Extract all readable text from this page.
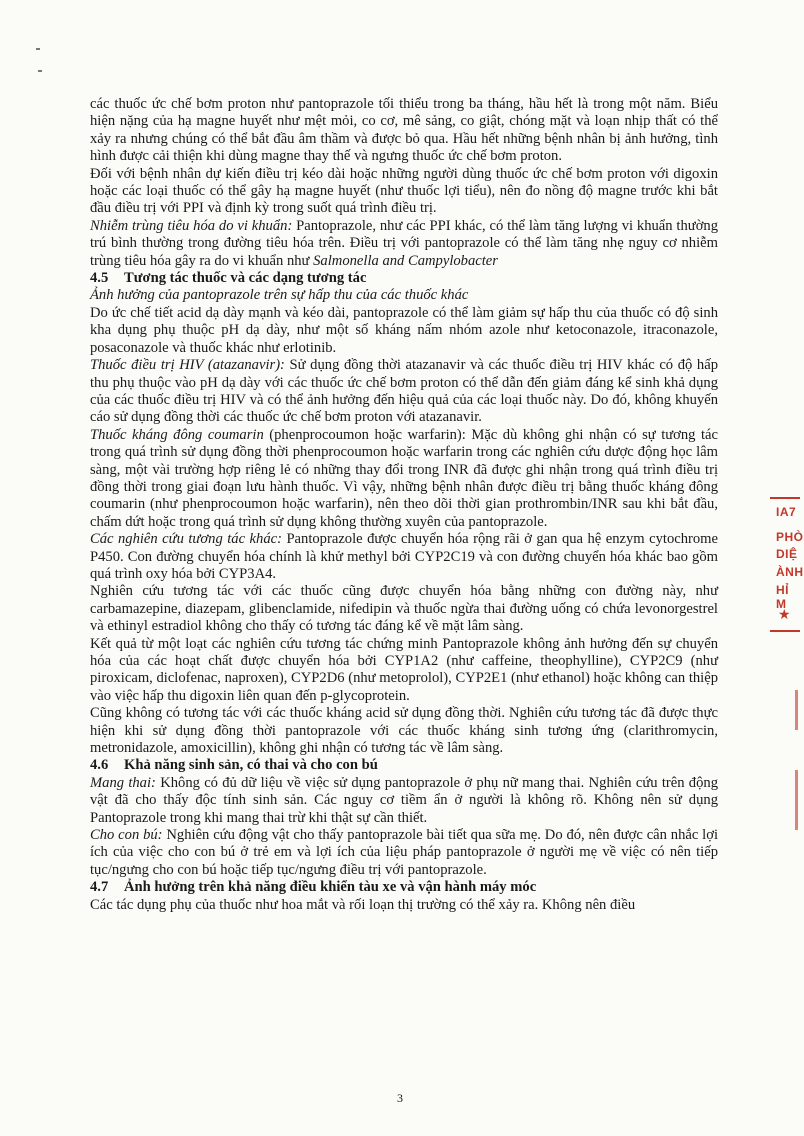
các thuốc ức chế bơm proton như pantoprazole tối thiểu trong ba tháng, hầu hết là trong một năm. Biểu hiện nặng của hạ magne huyết như mệt mỏi, co cơ, mê sảng, co giật, chóng mặt và loạn nhịp thất có thể xảy ra nhưng chúng có thể bắt đầu âm thầm và được bỏ qua. Hầu hết những bệnh nhân bị ảnh hưởng, tình hình được cải thiện khi dùng magne thay thế và ngưng thuốc ức chế bơm proton.

Đối với bệnh nhân dự kiến điều trị kéo dài hoặc những người dùng thuốc ức chế bơm proton với digoxin hoặc các loại thuốc có thể gây hạ magne huyết (như thuốc lợi tiểu), nên đo nồng độ magne trước khi bắt đầu điều trị với PPI và định kỳ trong suốt quá trình điều trị.

Nhiễm trùng tiêu hóa do vi khuẩn: Pantoprazole, như các PPI khác, có thể làm tăng lượng vi khuẩn thường trú bình thường trong đường tiêu hóa trên. Điều trị với pantoprazole có thể làm tăng nhẹ nguy cơ nhiễm trùng tiêu hóa gây ra do vi khuẩn như Salmonella and Campylobacter

4.5 Tương tác thuốc và các dạng tương tác

Ảnh hưởng của pantoprazole trên sự hấp thu của các thuốc khác

Do ức chế tiết acid dạ dày mạnh và kéo dài, pantoprazole có thể làm giảm sự hấp thu của thuốc có độ sinh kha dụng phụ thuộc pH dạ dày, như một số kháng nấm nhóm azole như ketoconazole, itraconazole, posaconazole và thuốc khác như erlotinib.

Thuốc điều trị HIV (atazanavir): Sử dụng đồng thời atazanavir và các thuốc điều trị HIV khác có độ hấp thu phụ thuộc vào pH dạ dày với các thuốc ức chế bơm proton có thể dẫn đến giảm đáng kể sinh khả dụng của các thuốc điều trị HIV và có thể ảnh hưởng đến hiệu quả của các loại thuốc này. Do đó, không khuyến cáo sử dụng đồng thời các thuốc ức chế bơm proton với atazanavir.

Thuốc kháng đông coumarin (phenprocoumon hoặc warfarin): Mặc dù không ghi nhận có sự tương tác trong quá trình sử dụng đồng thời phenprocoumon hoặc warfarin trong các nghiên cứu dược động học lâm sàng, một vài trường hợp riêng lẻ có những thay đổi trong INR đã được ghi nhận trong quá trình điều trị đồng thời trong giai đoạn lưu hành thuốc. Vì vậy, những bệnh nhân được điều trị bằng thuốc kháng đông coumarin (như phenprocoumon hoặc warfarin), nên theo dõi thời gian prothrombin/INR sau khi bắt đầu, chấm dứt hoặc trong quá trình sử dụng không thường xuyên của pantoprazole.

Các nghiên cứu tương tác khác: Pantoprazole được chuyển hóa rộng rãi ở gan qua hệ enzym cytochrome P450. Con đường chuyển hóa chính là khử methyl bởi CYP2C19 và con đường chuyển hóa khác bao gồm quá trình oxy hóa bởi CYP3A4.

Nghiên cứu tương tác với các thuốc cũng được chuyển hóa bằng những con đường này, như carbamazepine, diazepam, glibenclamide, nifedipin và thuốc ngừa thai đường uống có chứa levonorgestrel và ethinyl estradiol không cho thấy có tương tác đáng kể về mặt lâm sàng.

Kết quả từ một loạt các nghiên cứu tương tác chứng minh Pantoprazole không ảnh hưởng đến sự chuyển hóa của các hoạt chất được chuyển hóa bởi CYP1A2 (như caffeine, theophylline), CYP2C9 (như piroxicam, diclofenac, naproxen), CYP2D6 (như metoprolol), CYP2E1 (như ethanol) hoặc không can thiệp vào việc hấp thu digoxin liên quan đến p-glycoprotein.

Cũng không có tương tác với các thuốc kháng acid sử dụng đồng thời. Nghiên cứu tương tác đã được thực hiện khi sử dụng đồng thời pantoprazole với các thuốc kháng sinh tương ứng (clarithromycin, metronidazole, amoxicillin), không ghi nhận có tương tác về lâm sàng.

4.6 Khả năng sinh sản, có thai và cho con bú

Mang thai: Không có đủ dữ liệu về việc sử dụng pantoprazole ở phụ nữ mang thai. Nghiên cứu trên động vật đã cho thấy độc tính sinh sản. Các nguy cơ tiềm ẩn ở người là không rõ. Không nên sử dụng Pantoprazole trong khi mang thai trừ khi thật sự cần thiết.

Cho con bú: Nghiên cứu động vật cho thấy pantoprazole bài tiết qua sữa mẹ. Do đó, nên được cân nhắc lợi ích của việc cho con bú ở trẻ em và lợi ích của liệu pháp pantoprazole ở người mẹ về việc có nên tiếp tục/ngưng cho con bú hoặc tiếp tục/ngưng điều trị với pantoprazole.

4.7 Ảnh hưởng trên khả năng điều khiển tàu xe và vận hành máy móc

Các tác dụng phụ của thuốc như hoa mắt và rối loạn thị trường có thể xảy ra. Không nên điều

3
IA7
PHÒ
DIỆ
ÀNH
HỈ M
★
